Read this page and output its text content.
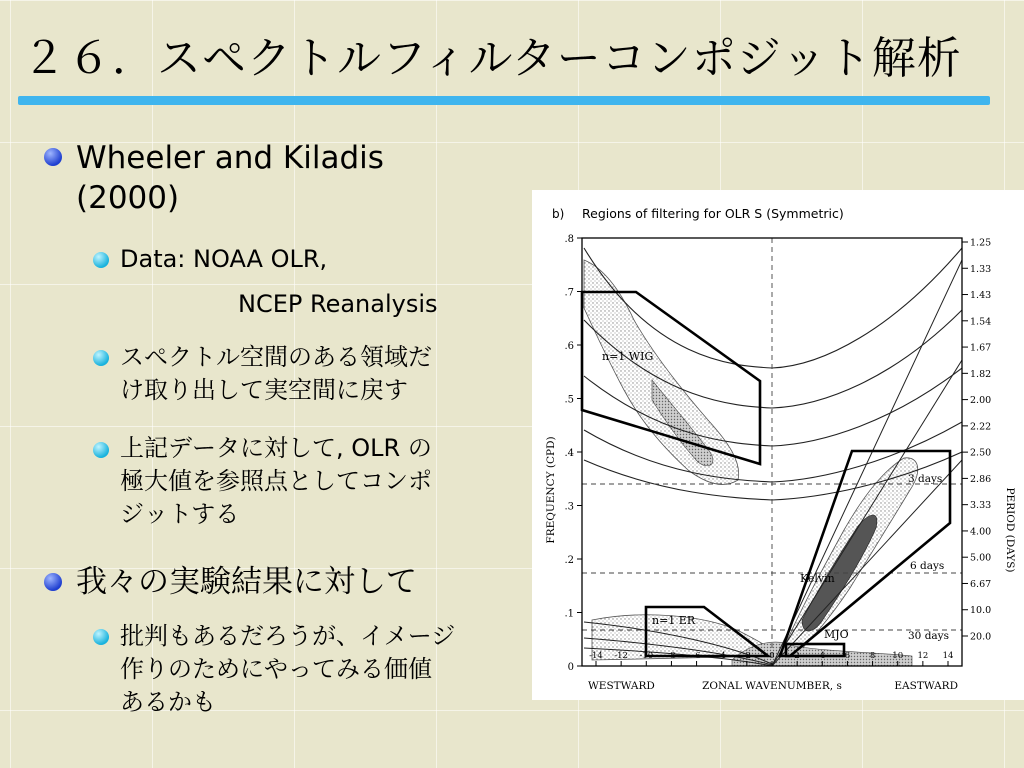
２６．スペクトルフィルターコンポジット解析
Wheeler and Kiladis
(2000)
Data: NOAA OLR,
NCEP Reanalysis
スペクトル空間のある領域だ
け取り出して実空間に戻す
上記データに対して, OLR の
極大値を参照点としてコンポ
ジットする
我々の実験結果に対して
批判もあるだろうが、イメージ
作りのためにやってみる価値
あるかも
b) Regions of filtering for OLR S (Symmetric)
n=1 WIG
Kelvin
n=1 ER
MJO
3 days
6 days
30 days
.8
.7
.6
.5
.4
.3
.2
.1
0
FREQUENCY (CPD)
1.25
1.33
1.43
1.54
1.67
1.82
2.00
2.22
2.50
2.86
3.33
4.00
5.00
6.67
10.0
20.0
PERIOD (DAYS)
-14 -12 -10 -8 -6 -4 -2 0 2 4 6 8 10 12 14
WESTWARD	ZONAL WAVENUMBER, s	EASTWARD
